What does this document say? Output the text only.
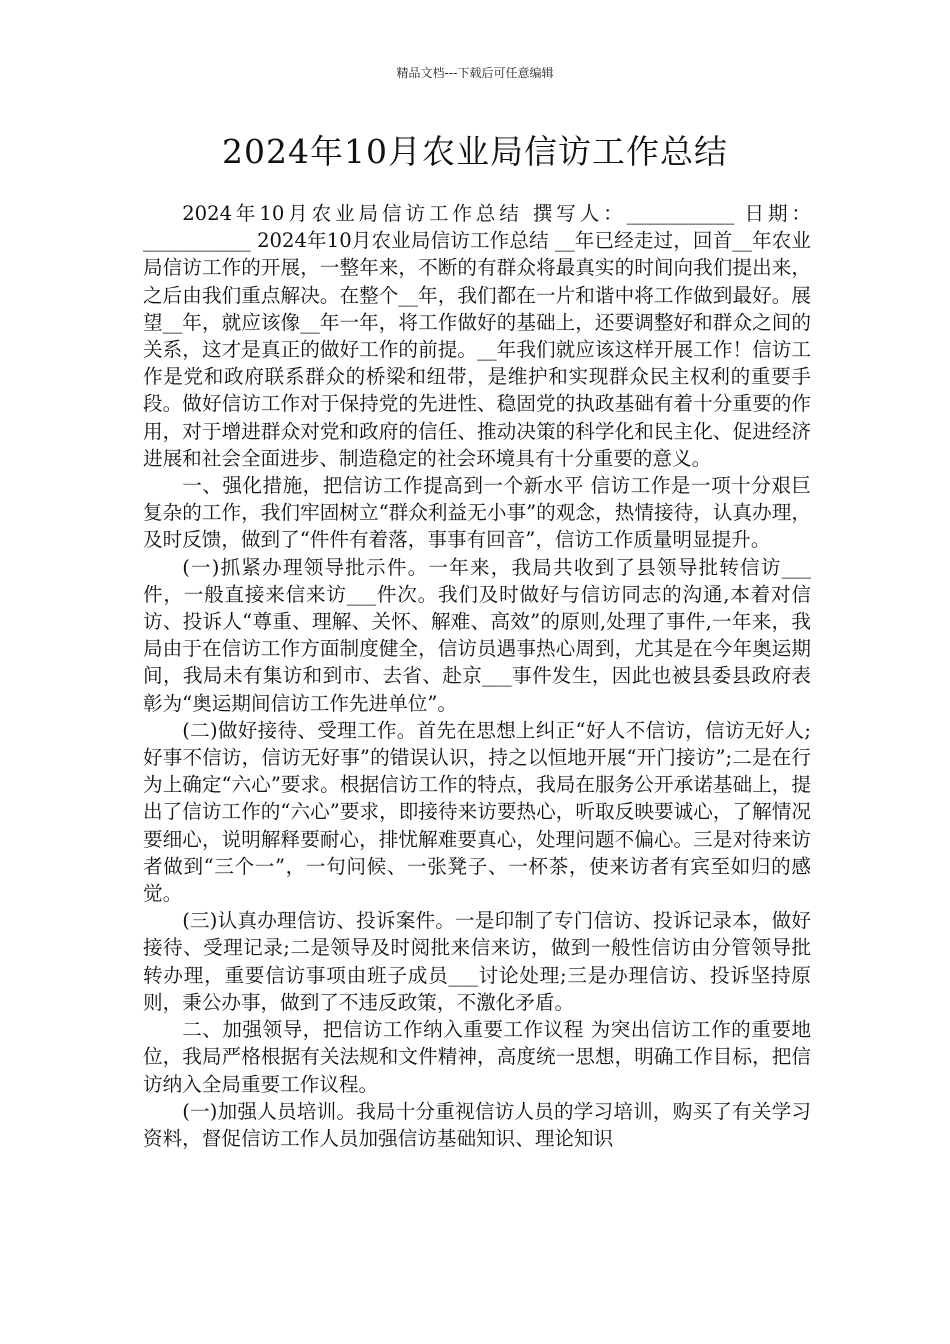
精品文档---下载后可任意编辑
2024年10月农业局信访工作总结

2024年10月农业局信访工作总结 撰写人：___________ 日期：___________ 2024年10月农业局信访工作总结 __年已经走过，回首__年农业局信访工作的开展，一整年来，不断的有群众将最真实的时间向我们提出来，之后由我们重点解决。在整个__年，我们都在一片和谐中将工作做到最好。展望__年，就应该像__年一年，将工作做好的基础上，还要调整好和群众之间的关系，这才是真正的做好工作的前提。__年我们就应该这样开展工作！信访工作是党和政府联系群众的桥梁和纽带，是维护和实现群众民主权利的重要手段。做好信访工作对于保持党的先进性、稳固党的执政基础有着十分重要的作用，对于增进群众对党和政府的信任、推动决策的科学化和民主化、促进经济进展和社会全面进步、制造稳定的社会环境具有十分重要的意义。

一、强化措施，把信访工作提高到一个新水平 信访工作是一项十分艰巨复杂的工作，我们牢固树立“群众利益无小事”的观念，热情接待，认真办理，及时反馈，做到了“件件有着落，事事有回音”，信访工作质量明显提升。

(一)抓紧办理领导批示件。一年来，我局共收到了县领导批转信访___件，一般直接来信来访___件次。我们及时做好与信访同志的沟通,本着对信访、投诉人“尊重、理解、关怀、解难、高效”的原则,处理了事件,一年来，我局由于在信访工作方面制度健全，信访员遇事热心周到，尤其是在今年奥运期间，我局未有集访和到市、去省、赴京___事件发生，因此也被县委县政府表彰为“奥运期间信访工作先进单位”。

(二)做好接待、受理工作。首先在思想上纠正“好人不信访，信访无好人;好事不信访，信访无好事”的错误认识，持之以恒地开展“开门接访”;二是在行为上确定“六心”要求。根据信访工作的特点，我局在服务公开承诺基础上，提出了信访工作的“六心”要求，即接待来访要热心，听取反映要诚心，了解情况要细心，说明解释要耐心，排忧解难要真心，处理问题不偏心。三是对待来访者做到“三个一”，一句问候、一张凳子、一杯茶，使来访者有宾至如归的感觉。

(三)认真办理信访、投诉案件。一是印制了专门信访、投诉记录本，做好接待、受理记录;二是领导及时阅批来信来访，做到一般性信访由分管领导批转办理，重要信访事项由班子成员___讨论处理;三是办理信访、投诉坚持原则，秉公办事，做到了不违反政策，不激化矛盾。

二、加强领导，把信访工作纳入重要工作议程 为突出信访工作的重要地位，我局严格根据有关法规和文件精神，高度统一思想，明确工作目标，把信访纳入全局重要工作议程。

(一)加强人员培训。我局十分重视信访人员的学习培训，购买了有关学习资料，督促信访工作人员加强信访基础知识、理论知识
